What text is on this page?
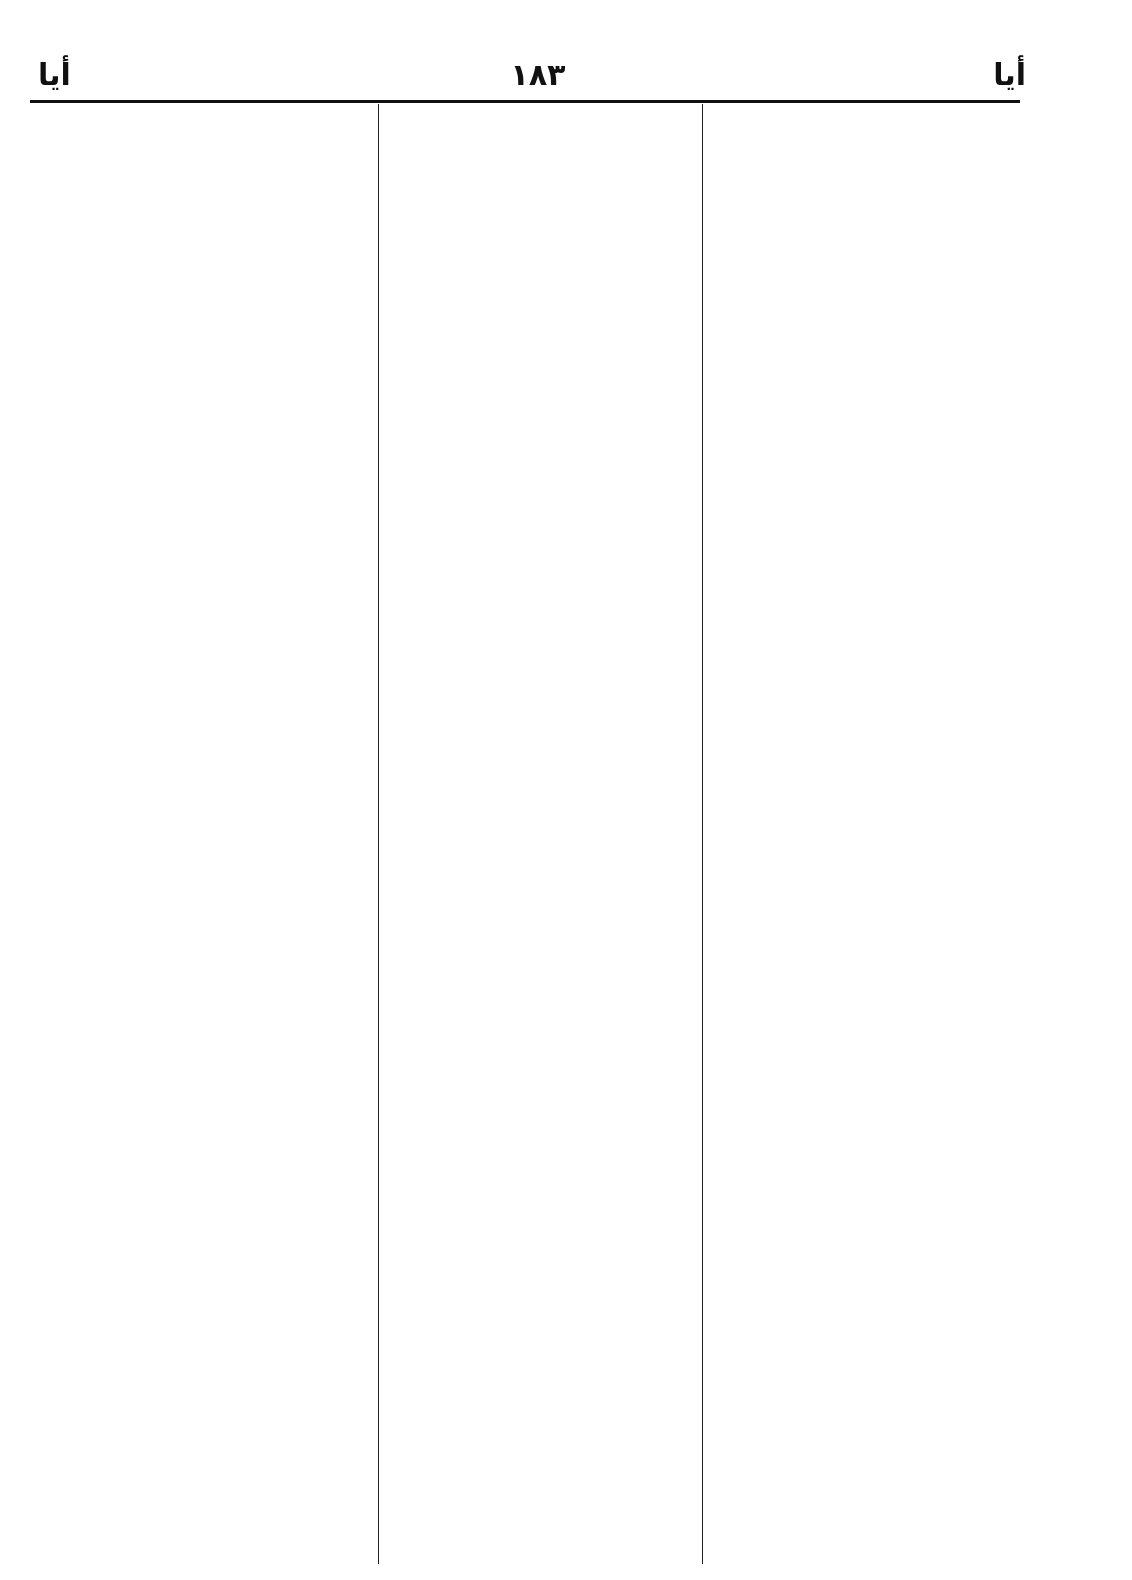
أيا
١٨٣
أيا
